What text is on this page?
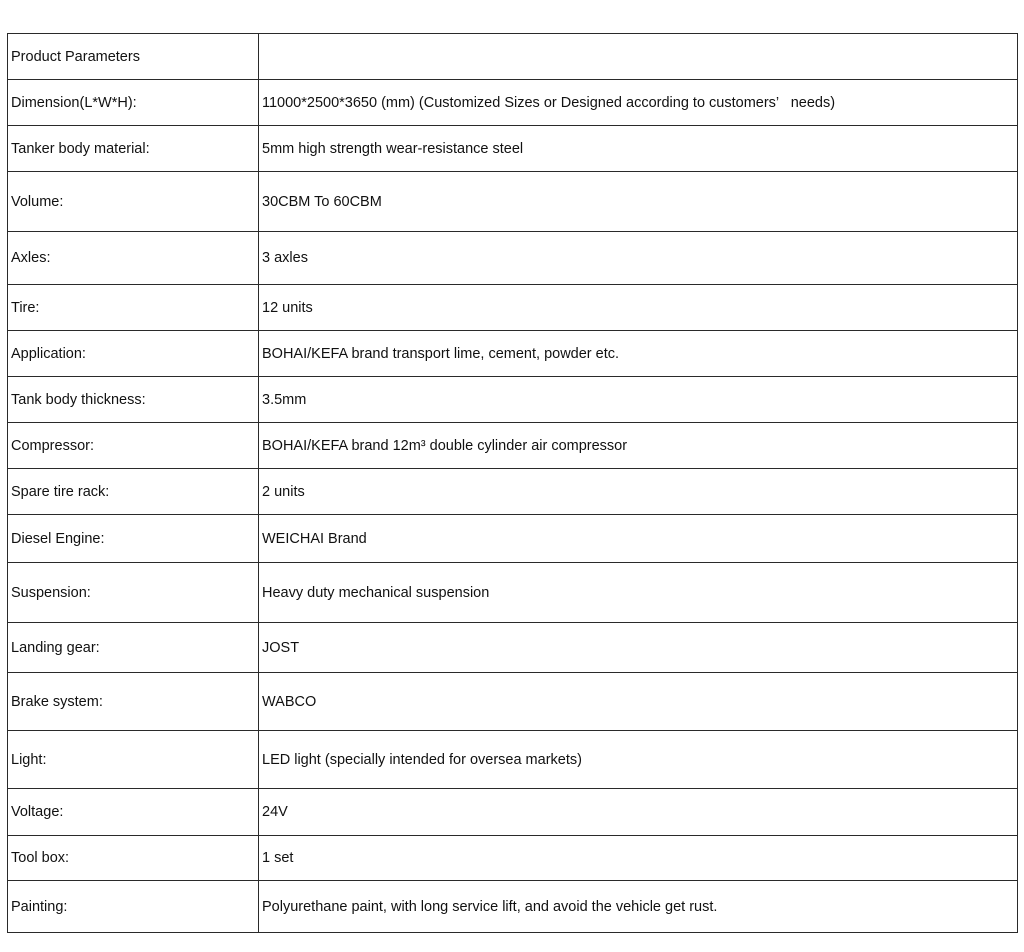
Product Parameters	
Dimension(L*W*H):	11000*2500*3650 (mm) (Customized Sizes or Designed according to customers’   needs)
Tanker body material:	5mm high strength wear-resistance steel
Volume:	30CBM To 60CBM
Axles:	3 axles
Tire:	12 units
Application:	BOHAI/KEFA brand transport lime, cement, powder etc.
Tank body thickness:	3.5mm
Compressor:	BOHAI/KEFA brand 12m³ double cylinder air compressor
Spare tire rack:	2 units
Diesel Engine:	WEICHAI Brand
Suspension:	Heavy duty mechanical suspension
Landing gear:	JOST
Brake system:	WABCO
Light:	LED light (specially intended for oversea markets)
Voltage:	24V
Tool box:	1 set
Painting:	Polyurethane paint, with long service lift, and avoid the vehicle get rust.
